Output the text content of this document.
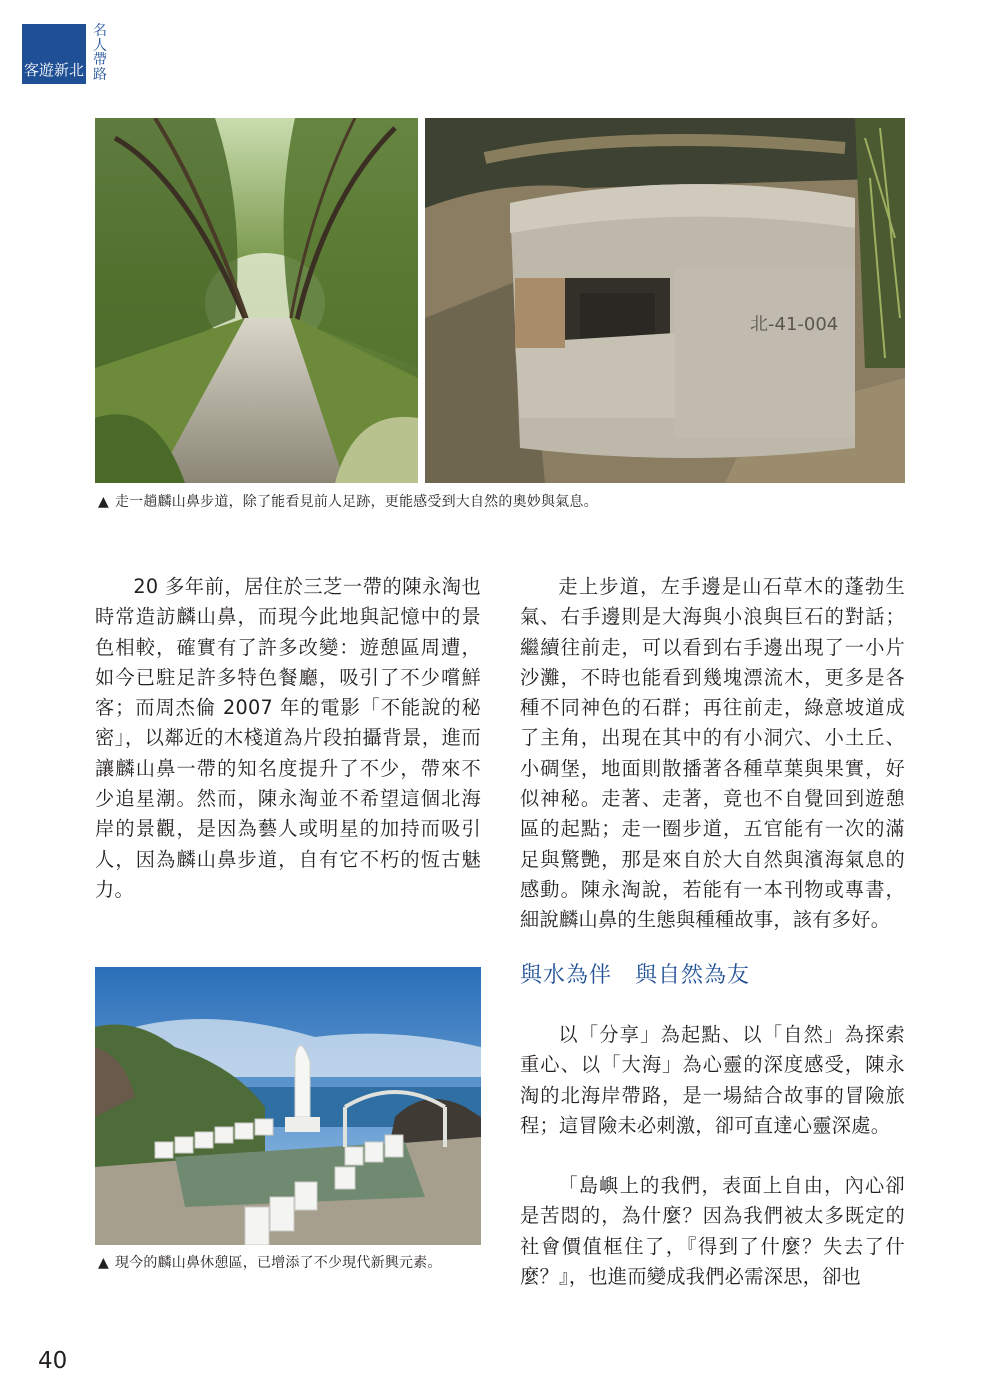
客遊新北
名人帶路
北-41-004
▲ 走一趟麟山鼻步道，除了能看見前人足跡，更能感受到大自然的奧妙與氣息。

20 多年前，居住於三芝一帶的陳永淘也時常造訪麟山鼻，而現今此地與記憶中的景色相較，確實有了許多改變：遊憩區周遭，如今已駐足許多特色餐廳，吸引了不少嚐鮮客；而周杰倫 2007 年的電影「不能說的秘密」，以鄰近的木棧道為片段拍攝背景，進而讓麟山鼻一帶的知名度提升了不少，帶來不少追星潮。然而，陳永淘並不希望這個北海岸的景觀，是因為藝人或明星的加持而吸引人，因為麟山鼻步道，自有它不朽的恆古魅力。

走上步道，左手邊是山石草木的蓬勃生氣、右手邊則是大海與小浪與巨石的對話；繼續往前走，可以看到右手邊出現了一小片沙灘，不時也能看到幾塊漂流木，更多是各種不同神色的石群；再往前走，綠意坡道成了主角，出現在其中的有小洞穴、小土丘、小碉堡，地面則散播著各種草葉與果實，好似神秘。走著、走著，竟也不自覺回到遊憩區的起點；走一圈步道，五官能有一次的滿足與驚艷，那是來自於大自然與濱海氣息的感動。陳永淘說，若能有一本刊物或專書，細說麟山鼻的生態與種種故事，該有多好。

與水為伴　與自然為友

以「分享」為起點、以「自然」為探索重心、以「大海」為心靈的深度感受，陳永淘的北海岸帶路，是一場結合故事的冒險旅程；這冒險未必刺激，卻可直達心靈深處。

「島嶼上的我們，表面上自由，內心卻是苦悶的，為什麼？因為我們被太多既定的社會價值框住了，『得到了什麼？失去了什麼？』，也進而變成我們必需深思，卻也

▲ 現今的麟山鼻休憩區，已增添了不少現代新興元素。
40
